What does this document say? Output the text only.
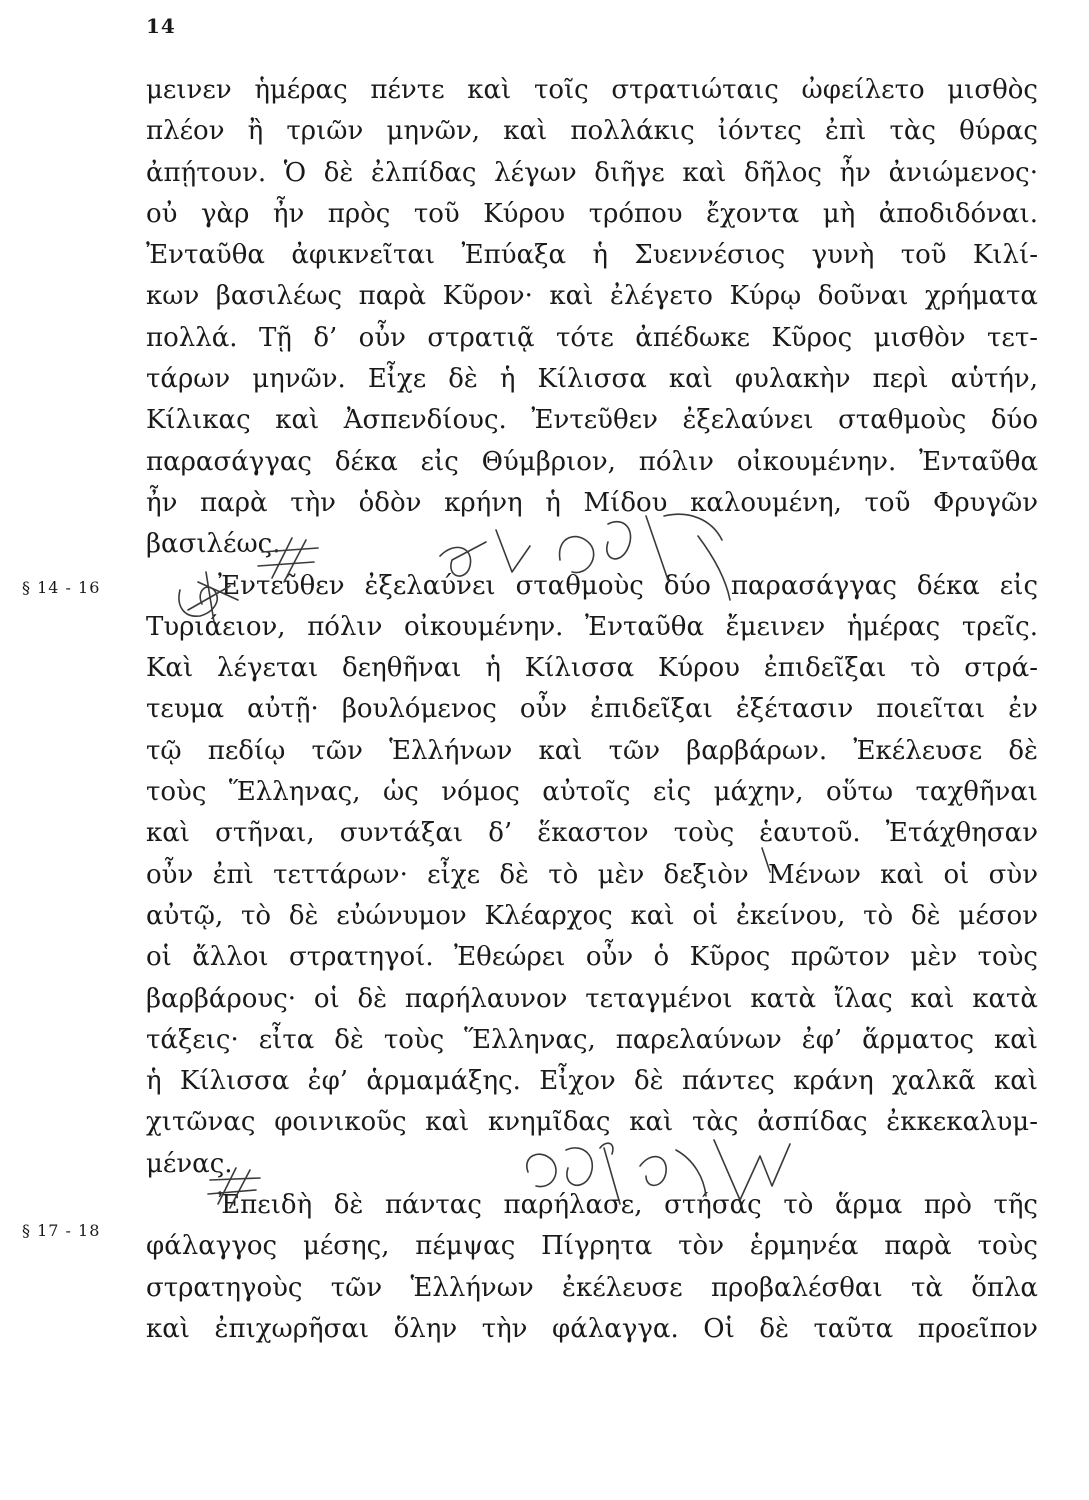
14
§ 14 - 16
§ 17 - 18
μεινεν ἡμέρας πέντε καὶ τοῖς στρατιώταις ὠφείλετο μισθὸς
πλέον ἢ τριῶν μηνῶν, καὶ πολλάκις ἰόντες ἐπὶ τὰς θύρας
ἀπῄτουν. Ὁ δὲ ἐλπίδας λέγων διῆγε καὶ δῆλος ἦν ἀνιώμενος·
οὐ γὰρ ἦν πρὸς τοῦ Κύρου τρόπου ἔχοντα μὴ ἀποδιδόναι.
Ἐνταῦθα ἀφικνεῖται Ἐπύαξα ἡ Συεννέσιος γυνὴ τοῦ Κιλί-
κων βασιλέως παρὰ Κῦρον· καὶ ἐλέγετο Κύρῳ δοῦναι χρήματα
πολλά. Τῇ δ’ οὖν στρατιᾷ τότε ἀπέδωκε Κῦρος μισθὸν τετ-
τάρων μηνῶν. Εἶχε δὲ ἡ Κίλισσα καὶ φυλακὴν περὶ αὑτήν,
Κίλικας καὶ Ἀσπενδίους. Ἐντεῦθεν ἐξελαύνει σταθμοὺς δύο
παρασάγγας δέκα εἰς Θύμβριον, πόλιν οἰκουμένην. Ἐνταῦθα
ἦν παρὰ τὴν ὁδὸν κρήνη ἡ Μίδου καλουμένη, τοῦ Φρυγῶν
βασιλέως.
Ἐντεῦθεν ἐξελαύνει σταθμοὺς δύο παρασάγγας δέκα εἰς
Τυριάειον, πόλιν οἰκουμένην. Ἐνταῦθα ἔμεινεν ἡμέρας τρεῖς.
Καὶ λέγεται δεηθῆναι ἡ Κίλισσα Κύρου ἐπιδεῖξαι τὸ στρά-
τευμα αὐτῇ· βουλόμενος οὖν ἐπιδεῖξαι ἐξέτασιν ποιεῖται ἐν
τῷ πεδίῳ τῶν Ἑλλήνων καὶ τῶν βαρβάρων. Ἐκέλευσε δὲ
τοὺς Ἕλληνας, ὡς νόμος αὐτοῖς εἰς μάχην, οὕτω ταχθῆναι
καὶ στῆναι, συντάξαι δ’ ἕκαστον τοὺς ἑαυτοῦ. Ἐτάχθησαν
οὖν ἐπὶ τεττάρων· εἶχε δὲ τὸ μὲν δεξιὸν Μένων καὶ οἱ σὺν
αὐτῷ, τὸ δὲ εὐώνυμον Κλέαρχος καὶ οἱ ἐκείνου, τὸ δὲ μέσον
οἱ ἄλλοι στρατηγοί. Ἐθεώρει οὖν ὁ Κῦρος πρῶτον μὲν τοὺς
βαρβάρους· οἱ δὲ παρήλαυνον τεταγμένοι κατὰ ἴλας καὶ κατὰ
τάξεις· εἶτα δὲ τοὺς Ἕλληνας, παρελαύνων ἐφ’ ἅρματος καὶ
ἡ Κίλισσα ἐφ’ ἁρμαμάξης. Εἶχον δὲ πάντες κράνη χαλκᾶ καὶ
χιτῶνας φοινικοῦς καὶ κνημῖδας καὶ τὰς ἀσπίδας ἐκκεκαλυμ-
μένας.
Ἐπειδὴ δὲ πάντας παρήλασε, στήσας τὸ ἅρμα πρὸ τῆς
φάλαγγος μέσης, πέμψας Πίγρητα τὸν ἑρμηνέα παρὰ τοὺς
στρατηγοὺς τῶν Ἑλλήνων ἐκέλευσε προβαλέσθαι τὰ ὅπλα
καὶ ἐπιχωρῆσαι ὅλην τὴν φάλαγγα. Οἱ δὲ ταῦτα προεῖπον
